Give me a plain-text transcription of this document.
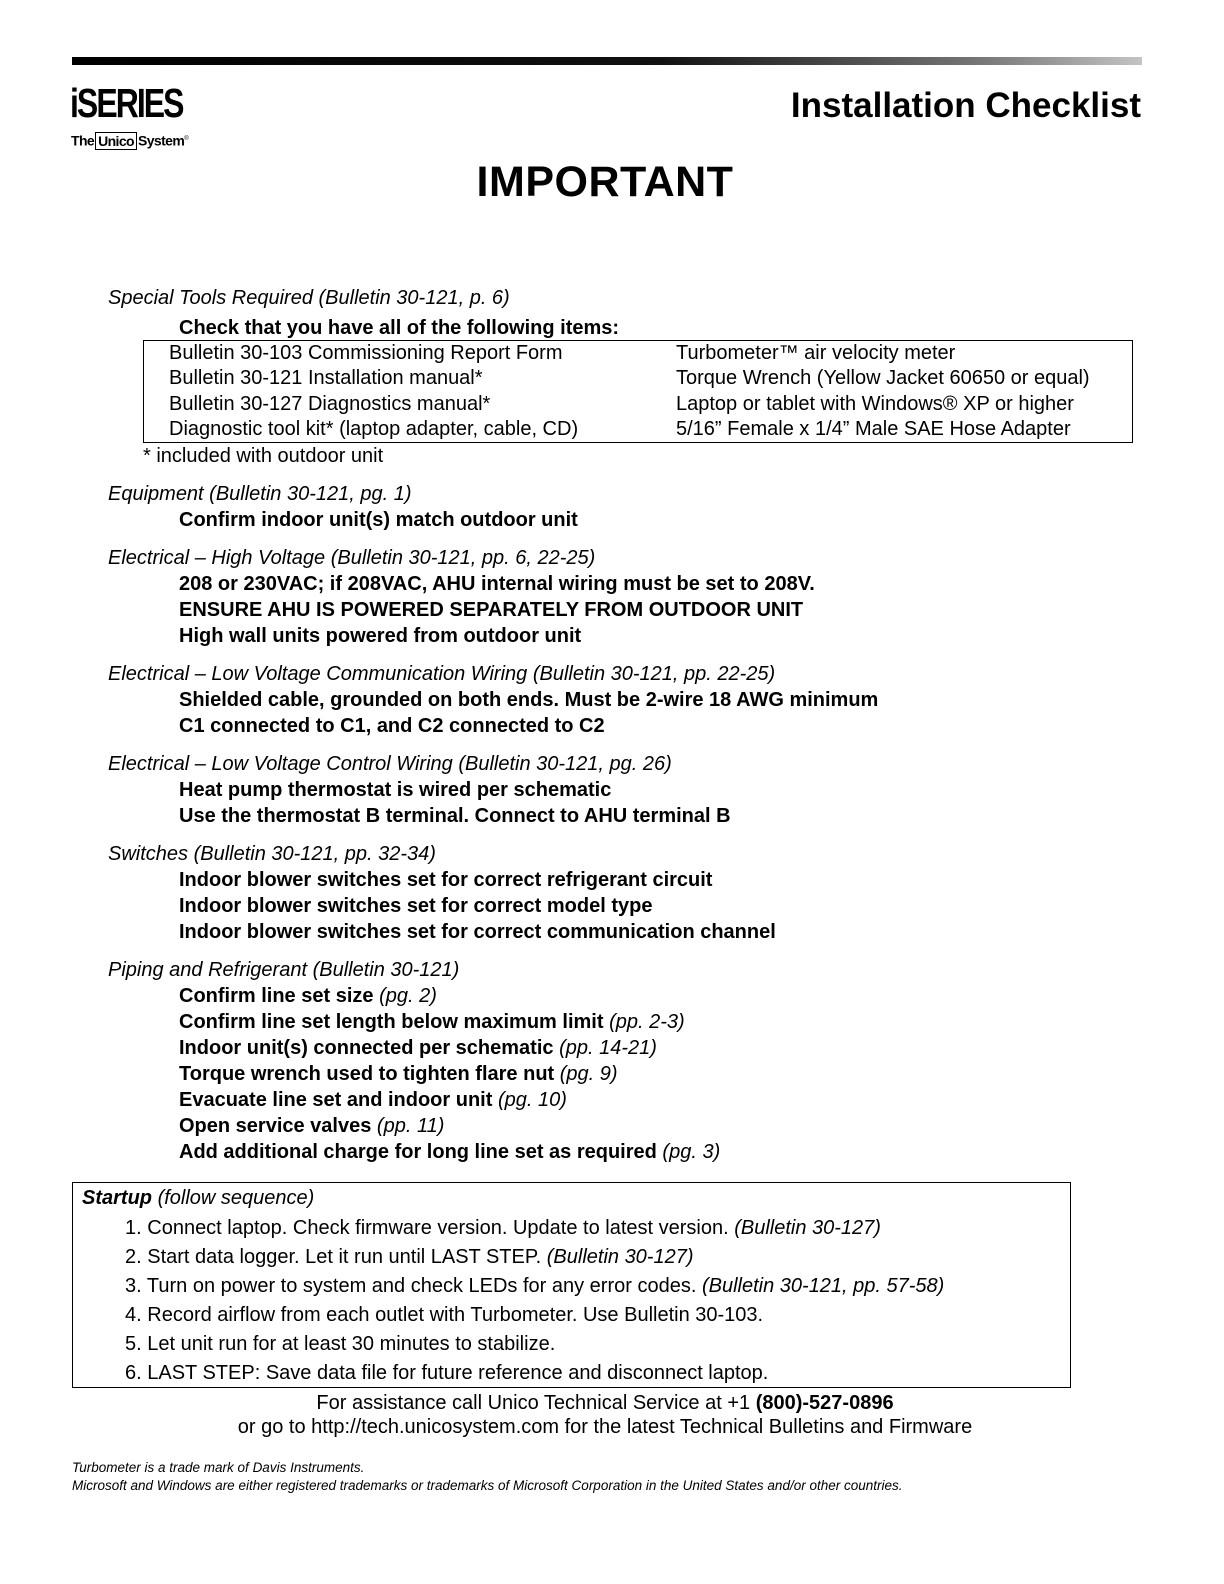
iSERIES
The Unico System®
Installation Checklist
IMPORTANT
Special Tools Required (Bulletin 30-121, p. 6)
Check that you have all of the following items:
Bulletin 30-103 Commissioning Report Form
Bulletin 30-121 Installation manual*
Bulletin 30-127 Diagnostics manual*
Diagnostic tool kit* (laptop adapter, cable, CD)
Turbometer™ air velocity meter
Torque Wrench (Yellow Jacket 60650 or equal)
Laptop or tablet with Windows® XP or higher
5/16” Female x 1/4” Male SAE Hose Adapter
* included with outdoor unit
Equipment (Bulletin 30-121, pg. 1)
Confirm indoor unit(s) match outdoor unit
Electrical – High Voltage (Bulletin 30-121, pp. 6, 22-25)
208 or 230VAC; if 208VAC, AHU internal wiring must be set to 208V.
ENSURE AHU IS POWERED SEPARATELY FROM OUTDOOR UNIT
High wall units powered from outdoor unit
Electrical – Low Voltage Communication Wiring (Bulletin 30-121, pp. 22-25)
Shielded cable, grounded on both ends. Must be 2-wire 18 AWG minimum
C1 connected to C1, and C2 connected to C2
Electrical – Low Voltage Control Wiring (Bulletin 30-121, pg. 26)
Heat pump thermostat is wired per schematic
Use the thermostat B terminal. Connect to AHU terminal B
Switches (Bulletin 30-121, pp. 32-34)
Indoor blower switches set for correct refrigerant circuit
Indoor blower switches set for correct model type
Indoor blower switches set for correct communication channel
Piping and Refrigerant (Bulletin 30-121)
Confirm line set size (pg. 2)
Confirm line set length below maximum limit (pp. 2-3)
Indoor unit(s) connected per schematic (pp. 14-21)
Torque wrench used to tighten flare nut (pg. 9)
Evacuate line set and indoor unit (pg. 10)
Open service valves (pp. 11)
Add additional charge for long line set as required (pg. 3)
Startup (follow sequence)
1. Connect laptop. Check firmware version. Update to latest version. (Bulletin 30-127)
2. Start data logger. Let it run until LAST STEP. (Bulletin 30-127)
3. Turn on power to system and check LEDs for any error codes. (Bulletin 30-121, pp. 57-58)
4. Record airflow from each outlet with Turbometer. Use Bulletin 30-103.
5. Let unit run for at least 30 minutes to stabilize.
6. LAST STEP: Save data file for future reference and disconnect laptop.
For assistance call Unico Technical Service at +1 (800)-527-0896
or go to http://tech.unicosystem.com for the latest Technical Bulletins and Firmware
Turbometer is a trade mark of Davis Instruments.
Microsoft and Windows are either registered trademarks or trademarks of Microsoft Corporation in the United States and/or other countries.
